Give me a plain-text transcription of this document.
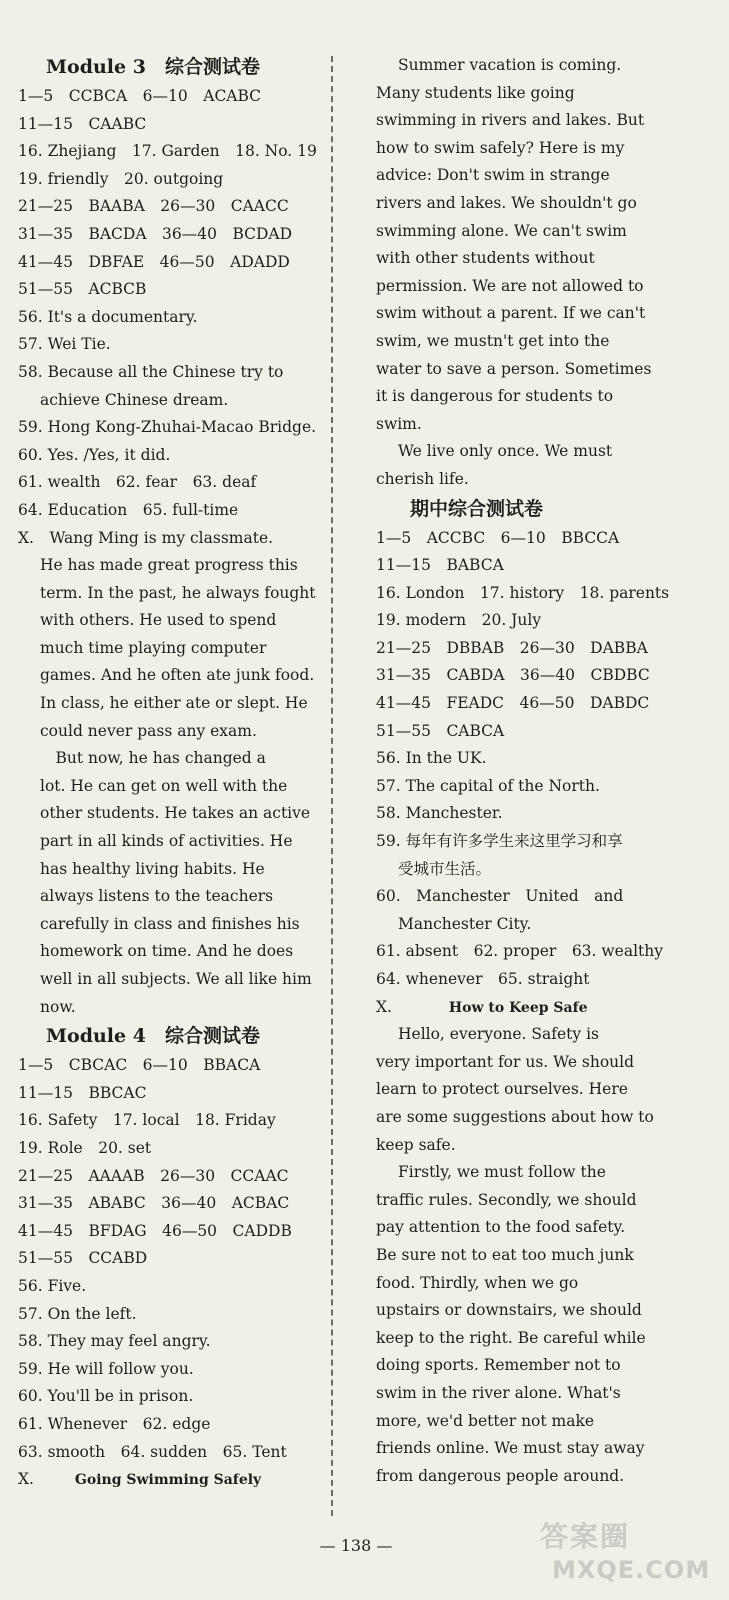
Module 3　综合测试卷
1—5　CCBCA　6—10　ACABC
11—15　CAABC
16. Zhejiang　17. Garden　18. No. 19
19. friendly　20. outgoing
21—25　BAABA　26—30　CAACC
31—35　BACDA　36—40　BCDAD
41—45　DBFAE　46—50　ADADD
51—55　ACBCB
56. It's a documentary.
57. Wei Tie.
58. Because all the Chinese try to
achieve Chinese dream.
59. Hong Kong-Zhuhai-Macao Bridge.
60. Yes. /Yes, it did.
61. wealth　62. fear　63. deaf
64. Education　65. full-time
Ⅹ.　Wang Ming is my classmate.
He has made great progress this
term. In the past, he always fought
with others. He used to spend
much time playing computer
games. And he often ate junk food.
In class, he either ate or slept. He
could never pass any exam.
　But now, he has changed a
lot. He can get on well with the
other students. He takes an active
part in all kinds of activities. He
has healthy living habits. He
always listens to the teachers
carefully in class and finishes his
homework on time. And he does
well in all subjects. We all like him
now.
Module 4　综合测试卷
1—5　CBCAC　6—10　BBACA
11—15　BBCAC
16. Safety　17. local　18. Friday
19. Role　20. set
21—25　AAAAB　26—30　CCAAC
31—35　ABABC　36—40　ACBAC
41—45　BFDAG　46—50　CADDB
51—55　CCABD
56. Five.
57. On the left.
58. They may feel angry.
59. He will follow you.
60. You'll be in prison.
61. Whenever　62. edge
63. smooth　64. sudden　65. Tent
Ⅹ.	Going Swimming Safely
Summer vacation is coming.
Many students like going
swimming in rivers and lakes. But
how to swim safely? Here is my
advice: Don't swim in strange
rivers and lakes. We shouldn't go
swimming alone. We can't swim
with other students without
permission. We are not allowed to
swim without a parent. If we can't
swim, we mustn't get into the
water to save a person. Sometimes
it is dangerous for students to
swim.
We live only once. We must
cherish life.
期中综合测试卷
1—5　ACCBC　6—10　BBCCA
11—15　BABCA
16. London　17. history　18. parents
19. modern　20. July
21—25　DBBAB　26—30　DABBA
31—35　CABDA　36—40　CBDBC
41—45　FEADC　46—50　DABDC
51—55　CABCA
56. In the UK.
57. The capital of the North.
58. Manchester.
59. 每年有许多学生来这里学习和享
受城市生活。
60.　Manchester　United　and
Manchester City.
61. absent　62. proper　63. wealthy
64. whenever　65. straight
Ⅹ.	How to Keep Safe
Hello, everyone. Safety is
very important for us. We should
learn to protect ourselves. Here
are some suggestions about how to
keep safe.
Firstly, we must follow the
traffic rules. Secondly, we should
pay attention to the food safety.
Be sure not to eat too much junk
food. Thirdly, when we go
upstairs or downstairs, we should
keep to the right. Be careful while
doing sports. Remember not to
swim in the river alone. What's
more, we'd better not make
friends online. We must stay away
from dangerous people around.
— 138 —	答案圈
MXQE.COM
